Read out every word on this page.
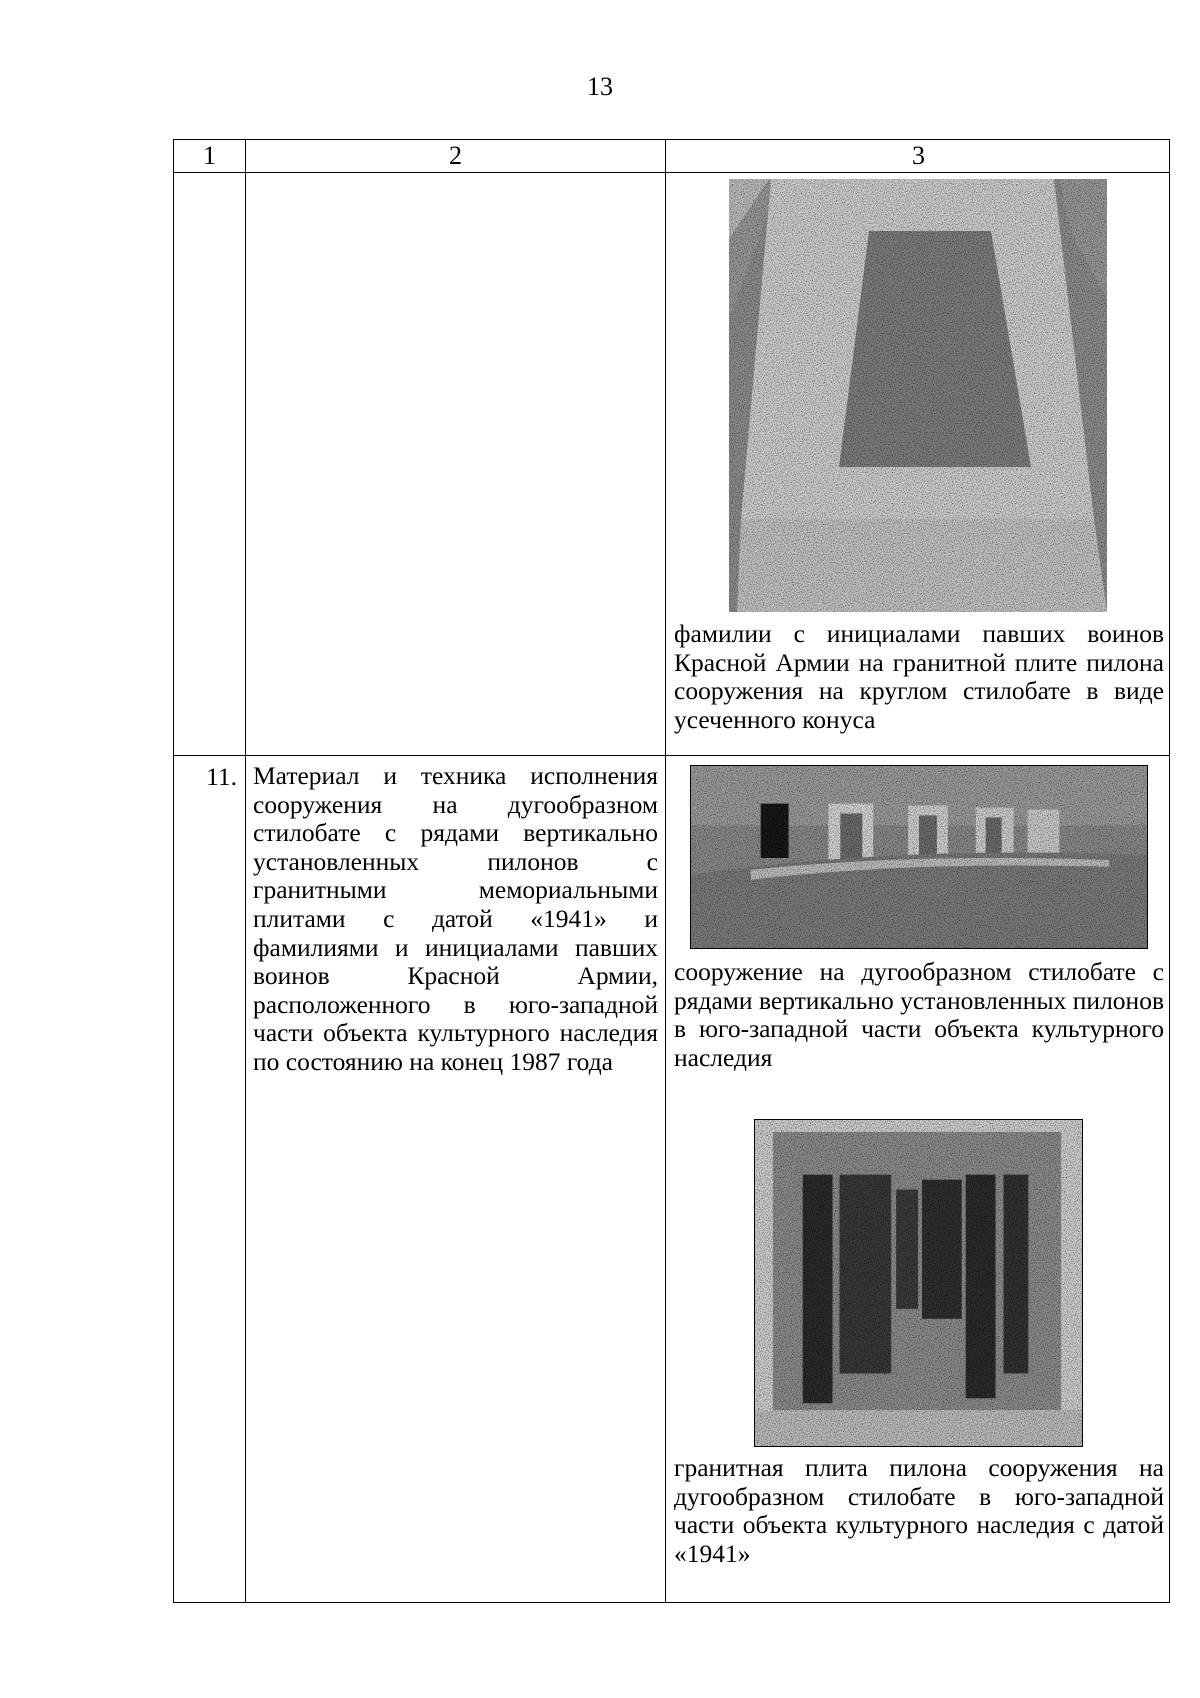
13
1	2	3
фамилии с инициалами павших воинов Красной Армии на гранитной плите пилона сооружения на круглом стилобате в виде усеченного конуса
11. Материал и техника исполнения сооружения на дугообразном стилобате с рядами вертикально установленных пилонов с гранитными мемориальными плитами с датой «1941» и фамилиями и инициалами павших воинов Красной Армии, расположенного в юго-западной части объекта культурного наследия по состоянию на конец 1987 года
сооружение на дугообразном стилобате с рядами вертикально установленных пилонов в юго-западной части объекта культурного наследия
гранитная плита пилона сооружения на дугообразном стилобате в юго-западной части объекта культурного наследия с датой «1941»
